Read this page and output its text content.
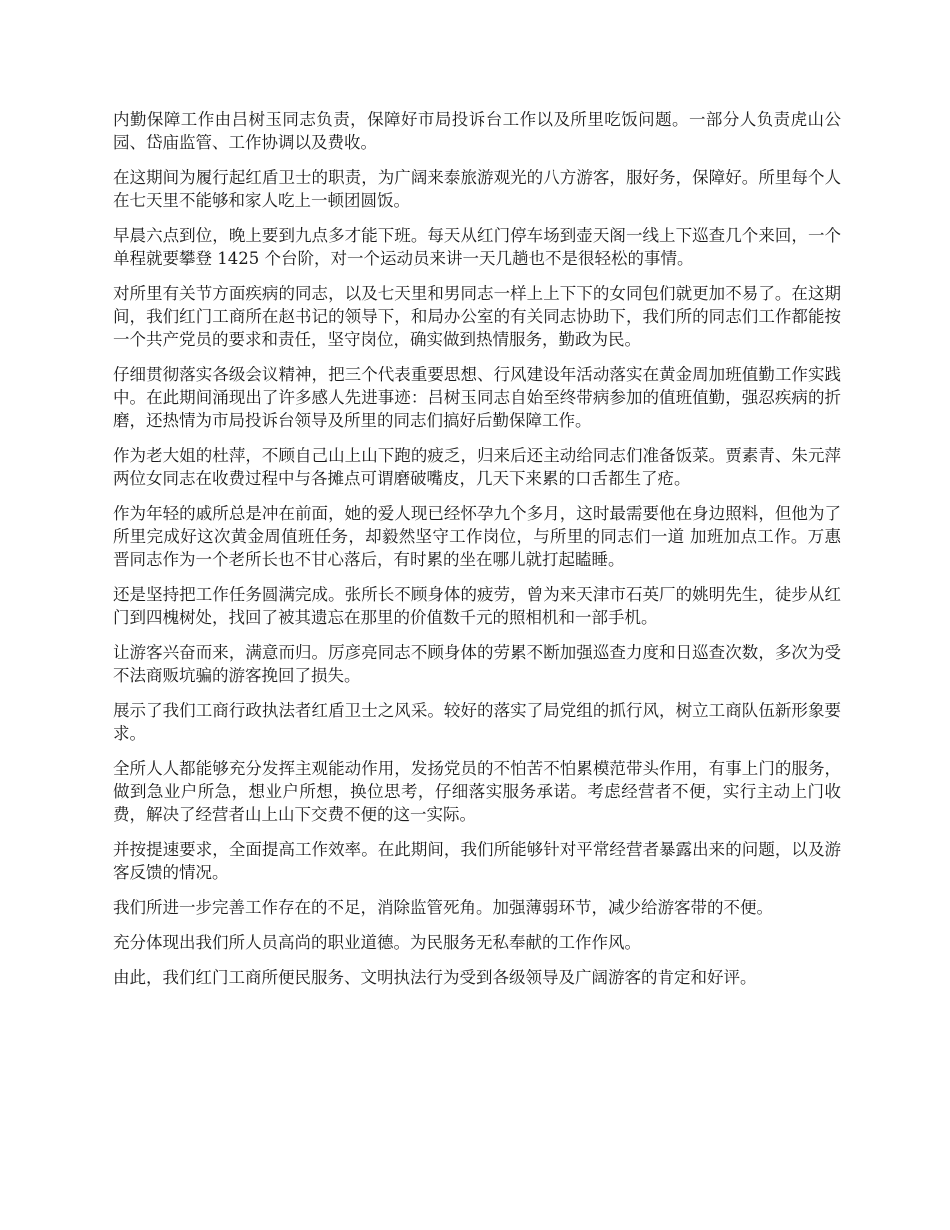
内勤保障工作由吕树玉同志负责，保障好市局投诉台工作以及所里吃饭问题。一部分人负责虎山公园、岱庙监管、工作协调以及费收。

在这期间为履行起红盾卫士的职责，为广阔来泰旅游观光的八方游客，服好务，保障好。所里每个人在七天里不能够和家人吃上一顿团圆饭。

早晨六点到位，晚上要到九点多才能下班。每天从红门停车场到壶天阁一线上下巡查几个来回，一个单程就要攀登 1425 个台阶，对一个运动员来讲一天几趟也不是很轻松的事情。

对所里有关节方面疾病的同志，以及七天里和男同志一样上上下下的女同包们就更加不易了。在这期间，我们红门工商所在赵书记的领导下，和局办公室的有关同志协助下，我们所的同志们工作都能按一个共产党员的要求和责任，坚守岗位，确实做到热情服务，勤政为民。

仔细贯彻落实各级会议精神，把三个代表重要思想、行风建设年活动落实在黄金周加班值勤工作实践中。在此期间涌现出了许多感人先进事迹：吕树玉同志自始至终带病参加的值班值勤，强忍疾病的折磨，还热情为市局投诉台领导及所里的同志们搞好后勤保障工作。

作为老大姐的杜萍，不顾自己山上山下跑的疲乏，归来后还主动给同志们准备饭菜。贾素青、朱元萍两位女同志在收费过程中与各摊点可谓磨破嘴皮，几天下来累的口舌都生了疮。

作为年轻的戚所总是冲在前面，她的爱人现已经怀孕九个多月，这时最需要他在身边照料，但他为了所里完成好这次黄金周值班任务，却毅然坚守工作岗位，与所里的同志们一道 加班加点工作。万惠晋同志作为一个老所长也不甘心落后，有时累的坐在哪儿就打起瞌睡。

还是坚持把工作任务圆满完成。张所长不顾身体的疲劳，曾为来天津市石英厂的姚明先生，徒步从红门到四槐树处，找回了被其遗忘在那里的价值数千元的照相机和一部手机。

让游客兴奋而来，满意而归。厉彦亮同志不顾身体的劳累不断加强巡查力度和日巡查次数，多次为受不法商贩坑骗的游客挽回了损失。

展示了我们工商行政执法者红盾卫士之风采。较好的落实了局党组的抓行风，树立工商队伍新形象要求。

全所人人都能够充分发挥主观能动作用，发扬党员的不怕苦不怕累模范带头作用，有事上门的服务，做到急业户所急，想业户所想，换位思考，仔细落实服务承诺。考虑经营者不便，实行主动上门收费，解决了经营者山上山下交费不便的这一实际。

并按提速要求，全面提高工作效率。在此期间，我们所能够针对平常经营者暴露出来的问题，以及游客反馈的情况。

我们所进一步完善工作存在的不足，消除监管死角。加强薄弱环节，减少给游客带的不便。

充分体现出我们所人员高尚的职业道德。为民服务无私奉献的工作作风。

由此，我们红门工商所便民服务、文明执法行为受到各级领导及广阔游客的肯定和好评。
